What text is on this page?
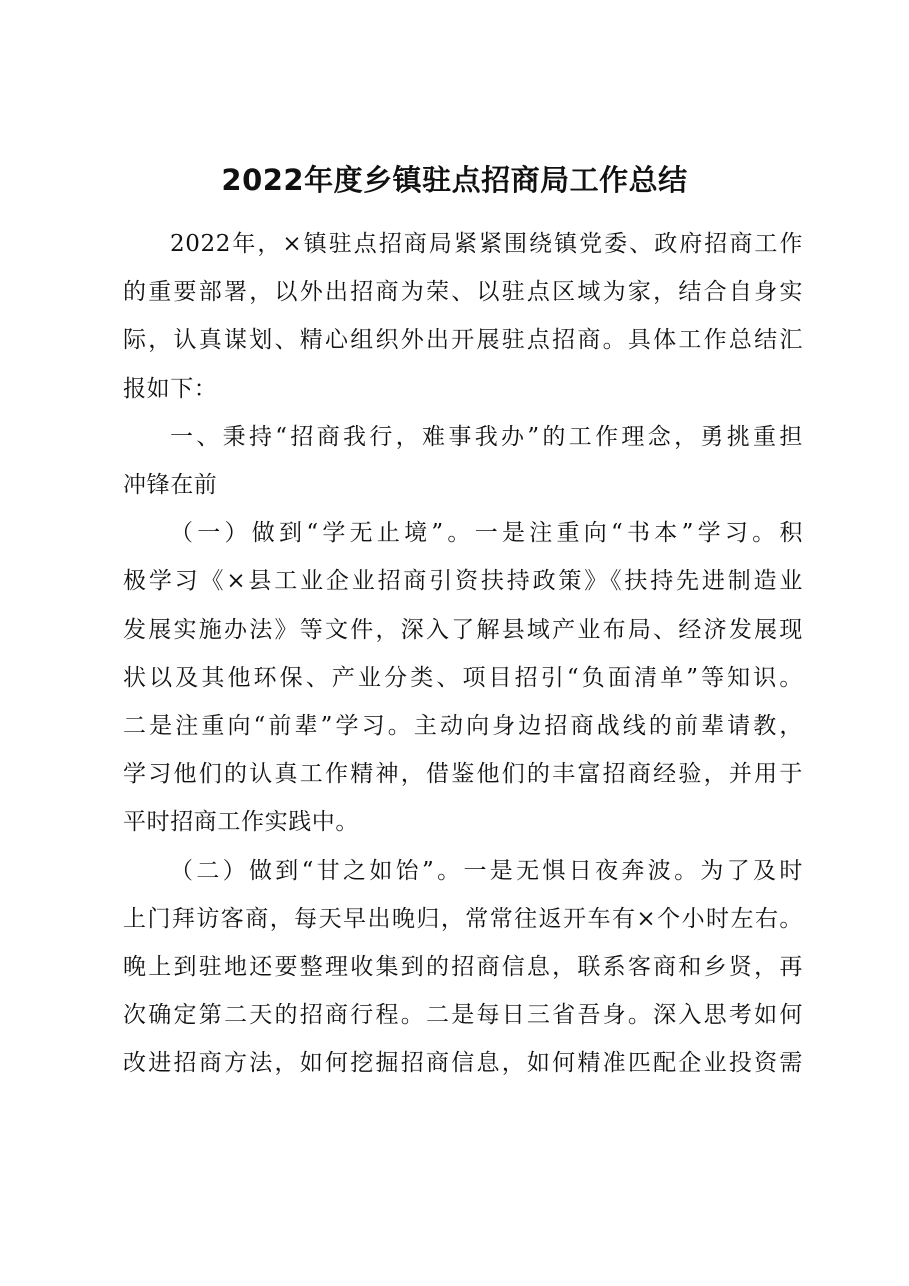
2022年度乡镇驻点招商局工作总结
2022年，×镇驻点招商局紧紧围绕镇党委、政府招商工作
的重要部署，以外出招商为荣、以驻点区域为家，结合自身实
际，认真谋划、精心组织外出开展驻点招商。具体工作总结汇
报如下：
一、秉持“招商我行，难事我办”的工作理念，勇挑重担
冲锋在前
（一）做到“学无止境”。一是注重向“书本”学习。积
极学习《×县工业企业招商引资扶持政策》《扶持先进制造业
发展实施办法》等文件，深入了解县域产业布局、经济发展现
状以及其他环保、产业分类、项目招引“负面清单”等知识。
二是注重向“前辈”学习。主动向身边招商战线的前辈请教，
学习他们的认真工作精神，借鉴他们的丰富招商经验，并用于
平时招商工作实践中。
（二）做到“甘之如饴”。一是无惧日夜奔波。为了及时
上门拜访客商，每天早出晚归，常常往返开车有×个小时左右。
晚上到驻地还要整理收集到的招商信息，联系客商和乡贤，再
次确定第二天的招商行程。二是每日三省吾身。深入思考如何
改进招商方法，如何挖掘招商信息，如何精准匹配企业投资需
